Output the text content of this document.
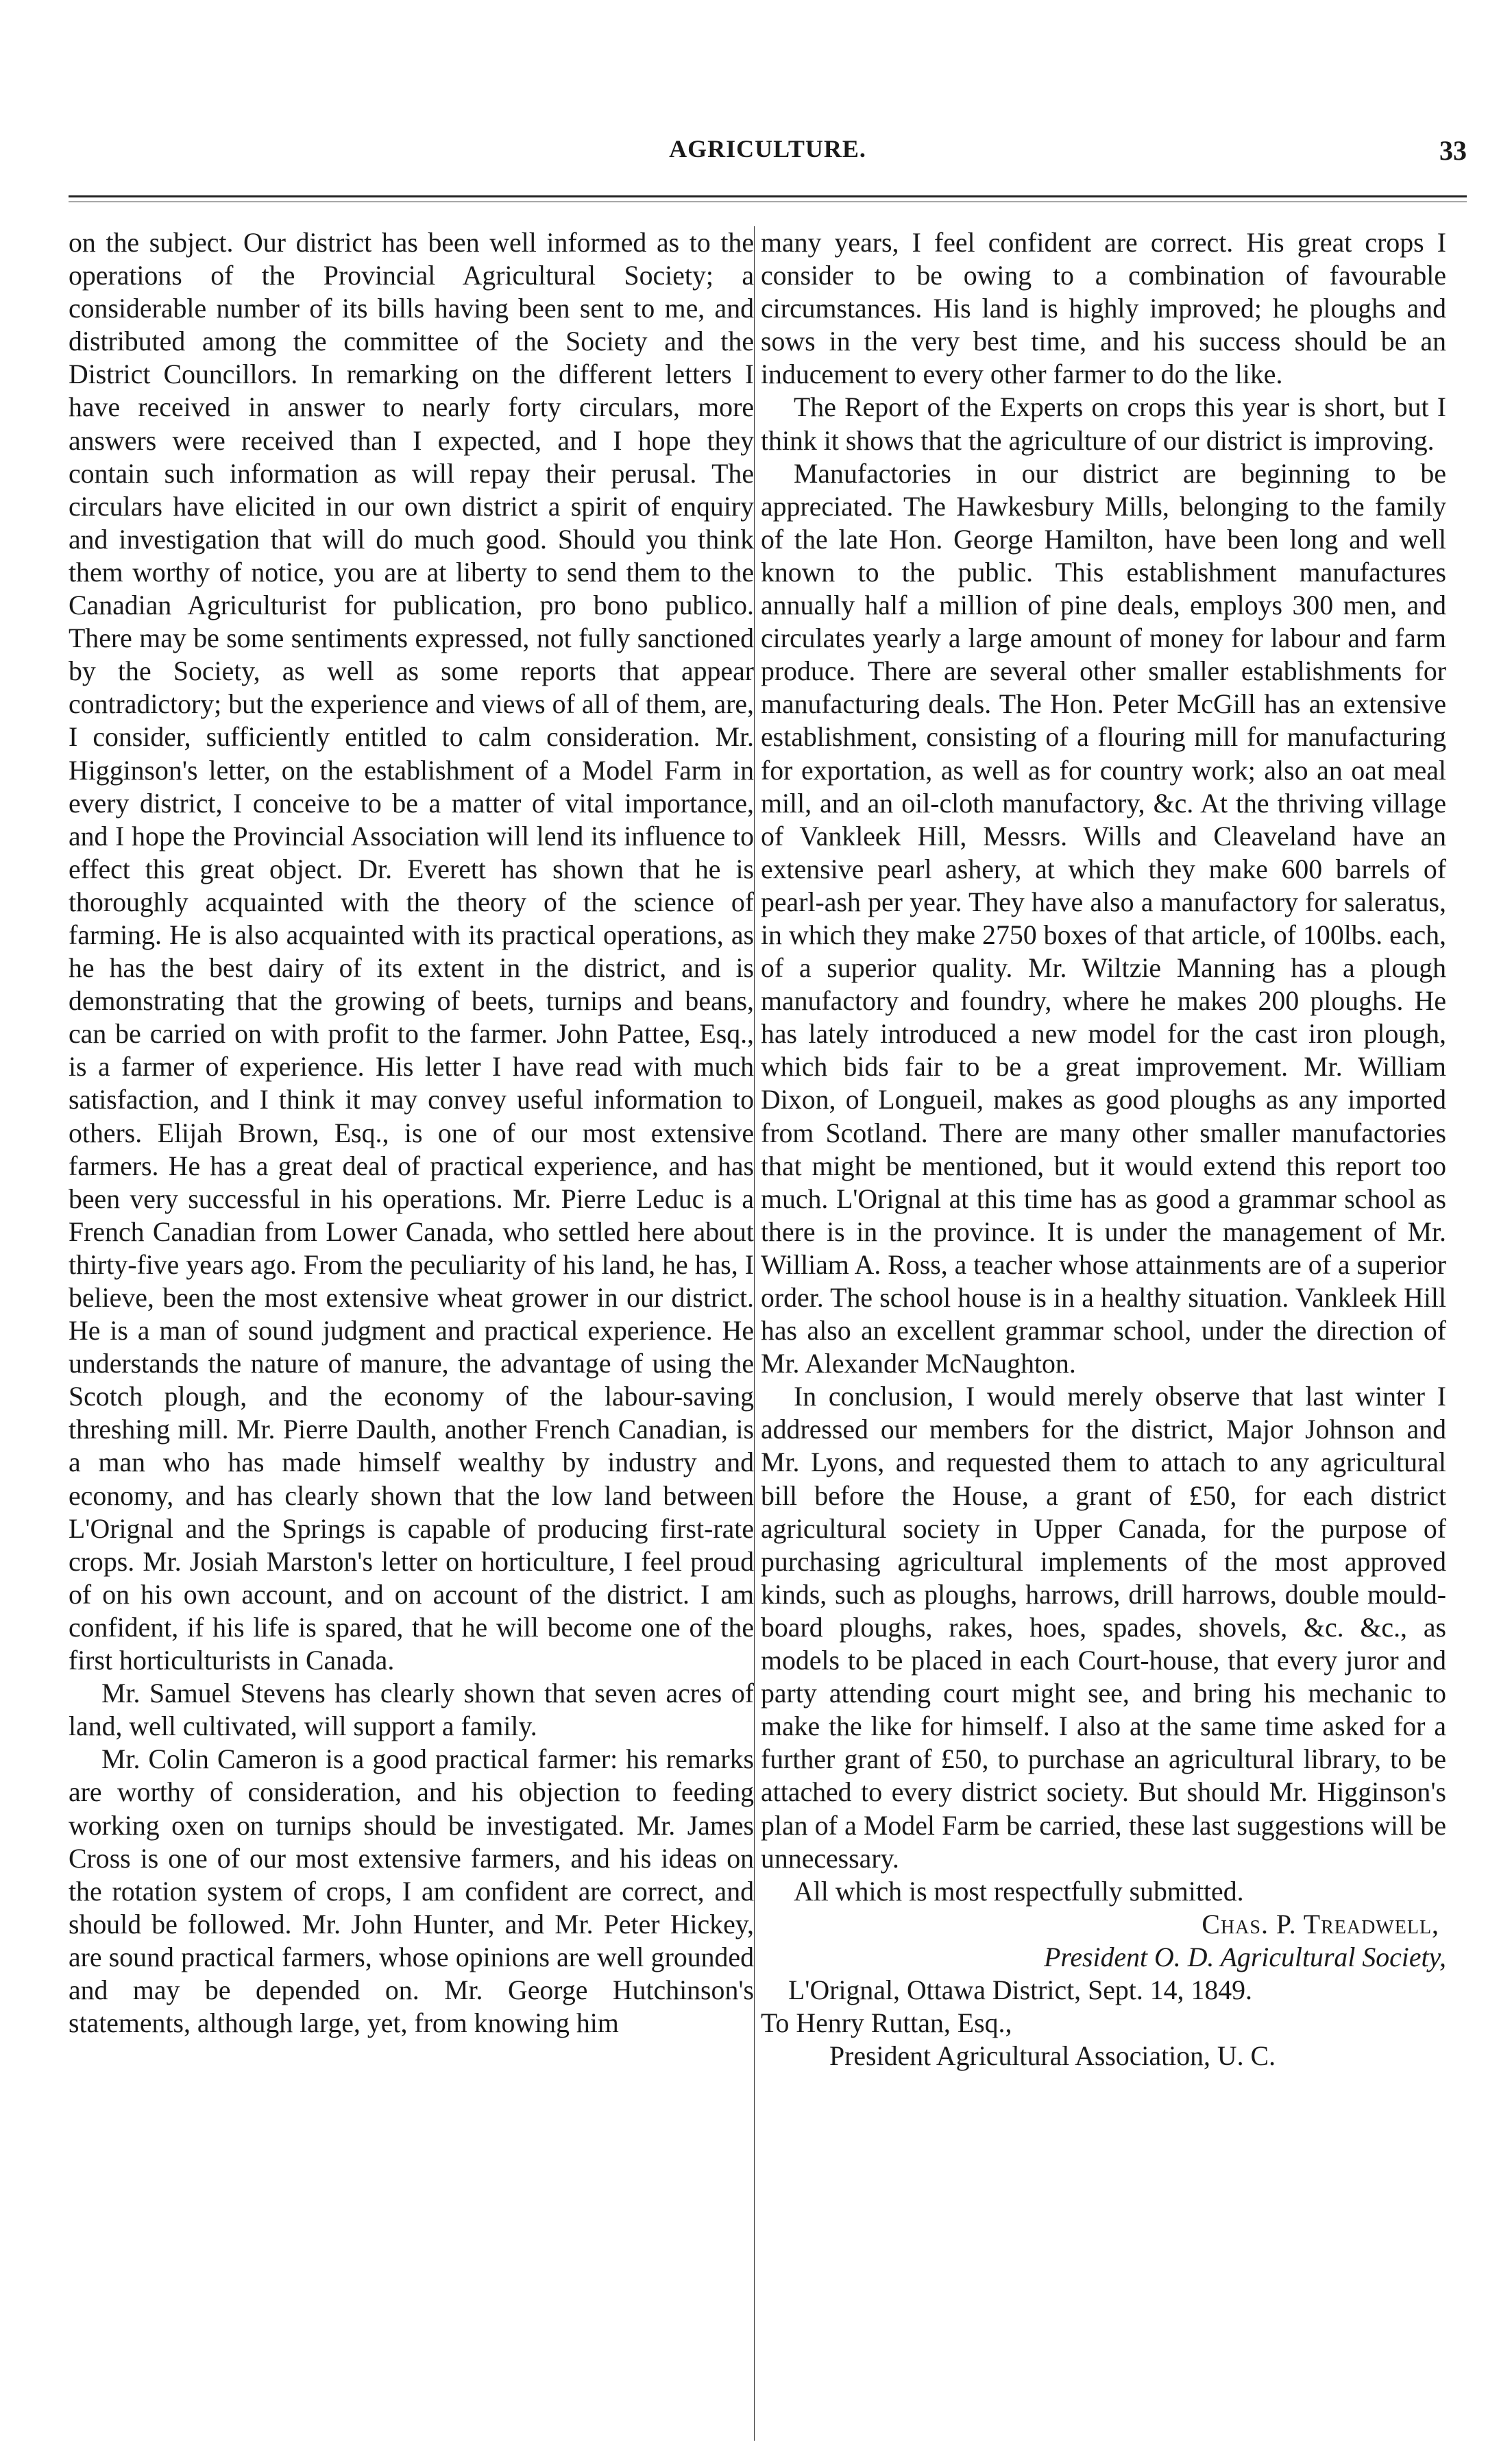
AGRICULTURE.	33

on the subject. Our district has been well informed as to the operations of the Provincial Agricultural Society; a considerable number of its bills having been sent to me, and distributed among the committee of the Society and the District Councillors. In remarking on the different letters I have received in answer to nearly forty circulars, more answers were received than I expected, and I hope they contain such information as will repay their perusal. The circulars have elicited in our own district a spirit of enquiry and investigation that will do much good. Should you think them worthy of notice, you are at liberty to send them to the Canadian Agriculturist for publication, pro bono publico. There may be some sentiments expressed, not fully sanctioned by the Society, as well as some reports that appear contradictory; but the experience and views of all of them, are, I consider, sufficiently entitled to calm consideration. Mr. Higginson's letter, on the establishment of a Model Farm in every district, I conceive to be a matter of vital importance, and I hope the Provincial Association will lend its influence to effect this great object. Dr. Everett has shown that he is thoroughly acquainted with the theory of the science of farming. He is also acquainted with its practical operations, as he has the best dairy of its extent in the district, and is demonstrating that the growing of beets, turnips and beans, can be carried on with profit to the farmer. John Pattee, Esq., is a farmer of experience. His letter I have read with much satisfaction, and I think it may convey useful information to others. Elijah Brown, Esq., is one of our most extensive farmers. He has a great deal of practical experience, and has been very successful in his operations. Mr. Pierre Leduc is a French Canadian from Lower Canada, who settled here about thirty-five years ago. From the peculiarity of his land, he has, I believe, been the most extensive wheat grower in our district. He is a man of sound judgment and practical experience. He understands the nature of manure, the advantage of using the Scotch plough, and the economy of the labour-saving threshing mill. Mr. Pierre Daulth, another French Canadian, is a man who has made himself wealthy by industry and economy, and has clearly shown that the low land between L'Orignal and the Springs is capable of producing first-rate crops. Mr. Josiah Marston's letter on horticulture, I feel proud of on his own account, and on account of the district. I am confident, if his life is spared, that he will become one of the first horticulturists in Canada.

Mr. Samuel Stevens has clearly shown that seven acres of land, well cultivated, will support a family.

Mr. Colin Cameron is a good practical farmer: his remarks are worthy of consideration, and his objection to feeding working oxen on turnips should be investigated. Mr. James Cross is one of our most extensive farmers, and his ideas on the rotation system of crops, I am confident are correct, and should be followed. Mr. John Hunter, and Mr. Peter Hickey, are sound practical farmers, whose opinions are well grounded and may be depended on. Mr. George Hutchinson's statements, although large, yet, from knowing him

many years, I feel confident are correct. His great crops I consider to be owing to a combination of favourable circumstances. His land is highly improved; he ploughs and sows in the very best time, and his success should be an inducement to every other farmer to do the like.

The Report of the Experts on crops this year is short, but I think it shows that the agriculture of our district is improving.

Manufactories in our district are beginning to be appreciated. The Hawkesbury Mills, belonging to the family of the late Hon. George Hamilton, have been long and well known to the public. This establishment manufactures annually half a million of pine deals, employs 300 men, and circulates yearly a large amount of money for labour and farm produce. There are several other smaller establishments for manufacturing deals. The Hon. Peter McGill has an extensive establishment, consisting of a flouring mill for manufacturing for exportation, as well as for country work; also an oat meal mill, and an oil-cloth manufactory, &c. At the thriving village of Vankleek Hill, Messrs. Wills and Cleaveland have an extensive pearl ashery, at which they make 600 barrels of pearl-ash per year. They have also a manufactory for saleratus, in which they make 2750 boxes of that article, of 100lbs. each, of a superior quality. Mr. Wiltzie Manning has a plough manufactory and foundry, where he makes 200 ploughs. He has lately introduced a new model for the cast iron plough, which bids fair to be a great improvement. Mr. William Dixon, of Longueil, makes as good ploughs as any imported from Scotland. There are many other smaller manufactories that might be mentioned, but it would extend this report too much. L'Orignal at this time has as good a grammar school as there is in the province. It is under the management of Mr. William A. Ross, a teacher whose attainments are of a superior order. The school house is in a healthy situation. Vankleek Hill has also an excellent grammar school, under the direction of Mr. Alexander McNaughton.

In conclusion, I would merely observe that last winter I addressed our members for the district, Major Johnson and Mr. Lyons, and requested them to attach to any agricultural bill before the House, a grant of £50, for each district agricultural society in Upper Canada, for the purpose of purchasing agricultural implements of the most approved kinds, such as ploughs, harrows, drill harrows, double mould-board ploughs, rakes, hoes, spades, shovels, &c. &c., as models to be placed in each Court-house, that every juror and party attending court might see, and bring his mechanic to make the like for himself. I also at the same time asked for a further grant of £50, to purchase an agricultural library, to be attached to every district society. But should Mr. Higginson's plan of a Model Farm be carried, these last suggestions will be unnecessary.

All which is most respectfully submitted.

Chas. P. Treadwell,

President O. D. Agricultural Society,

L'Orignal, Ottawa District, Sept. 14, 1849.

To Henry Ruttan, Esq.,

President Agricultural Association, U. C.
